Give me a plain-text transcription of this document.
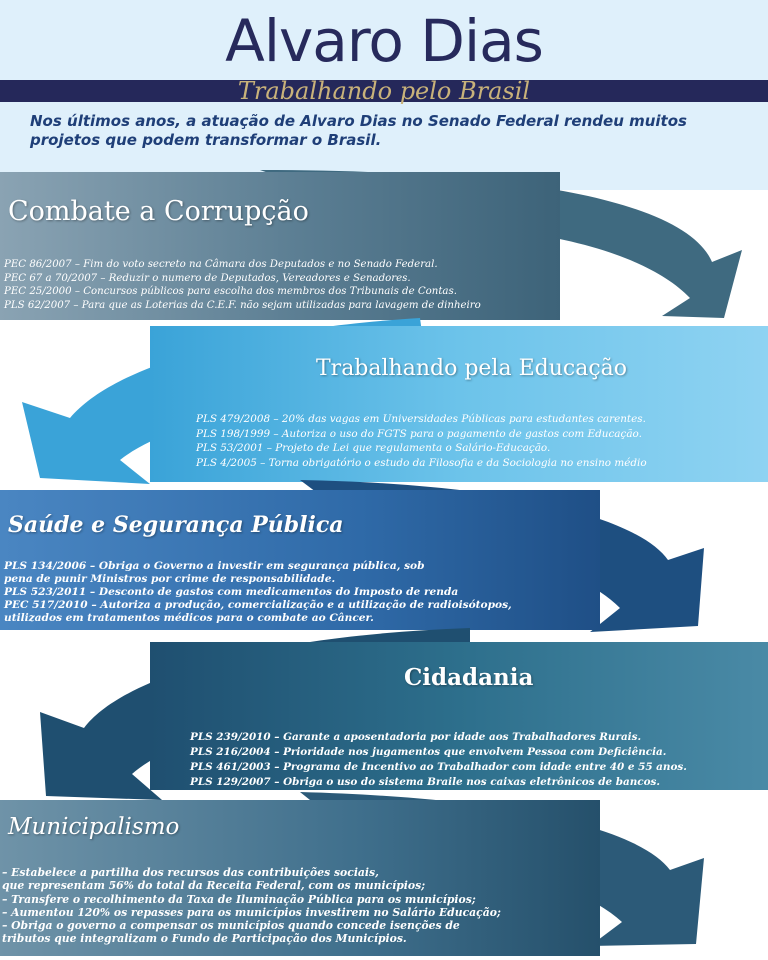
Alvaro Dias
Trabalhando pelo Brasil
Nos últimos anos, a atuação de Alvaro Dias no Senado Federal rendeu muitos projetos que podem transformar o Brasil.
Combate a Corrupção
PEC 86/2007 – Fim do voto secreto na Câmara dos Deputados e no Senado Federal.
PEC 67 a 70/2007 – Reduzir o numero de Deputados, Vereadores e Senadores.
PEC 25/2000 – Concursos públicos para escolha dos membros dos Tribunais de Contas.
PLS 62/2007 – Para que as Loterias da C.E.F. não sejam utilizadas para lavagem de dinheiro
Trabalhando pela Educação
PLS 479/2008 – 20% das vagas em Universidades Públicas para estudantes carentes.
PLS 198/1999 – Autoriza o uso do FGTS para o pagamento de gastos com Educação.
PLS 53/2001 – Projeto de Lei que regulamenta o Salário-Educação.
PLS 4/2005 – Torna obrigatório o estudo da Filosofia e da Sociologia no ensino médio
Saúde e Segurança Pública
PLS 134/2006 – Obriga o Governo a investir em segurança pública, sob
pena de punir Ministros por crime de responsabilidade.
PLS 523/2011 – Desconto de gastos com medicamentos do Imposto de renda
PEC 517/2010 – Autoriza a produção, comercialização e a utilização de radioisótopos,
utilizados em tratamentos médicos para o combate ao Câncer.
Cidadania
PLS 239/2010 – Garante a aposentadoria por idade aos Trabalhadores Rurais.
PLS 216/2004 – Prioridade nos jugamentos que envolvem Pessoa com Deficiência.
PLS 461/2003 – Programa de Incentivo ao Trabalhador com idade entre 40 e 55 anos.
PLS 129/2007 – Obriga o uso do sistema Braile nos caixas eletrônicos de bancos.
Municipalismo
– Estabelece a partilha dos recursos das contribuições sociais,
que representam 56% do total da Receita Federal, com os municípios;
– Transfere o recolhimento da Taxa de Iluminação Pública para os municípios;
– Aumentou 120% os repasses para os municípios investirem no Salário Educação;
– Obriga o governo a compensar os municípios quando concede isenções de
tributos que integralizam o Fundo de Participação dos Municípios.
